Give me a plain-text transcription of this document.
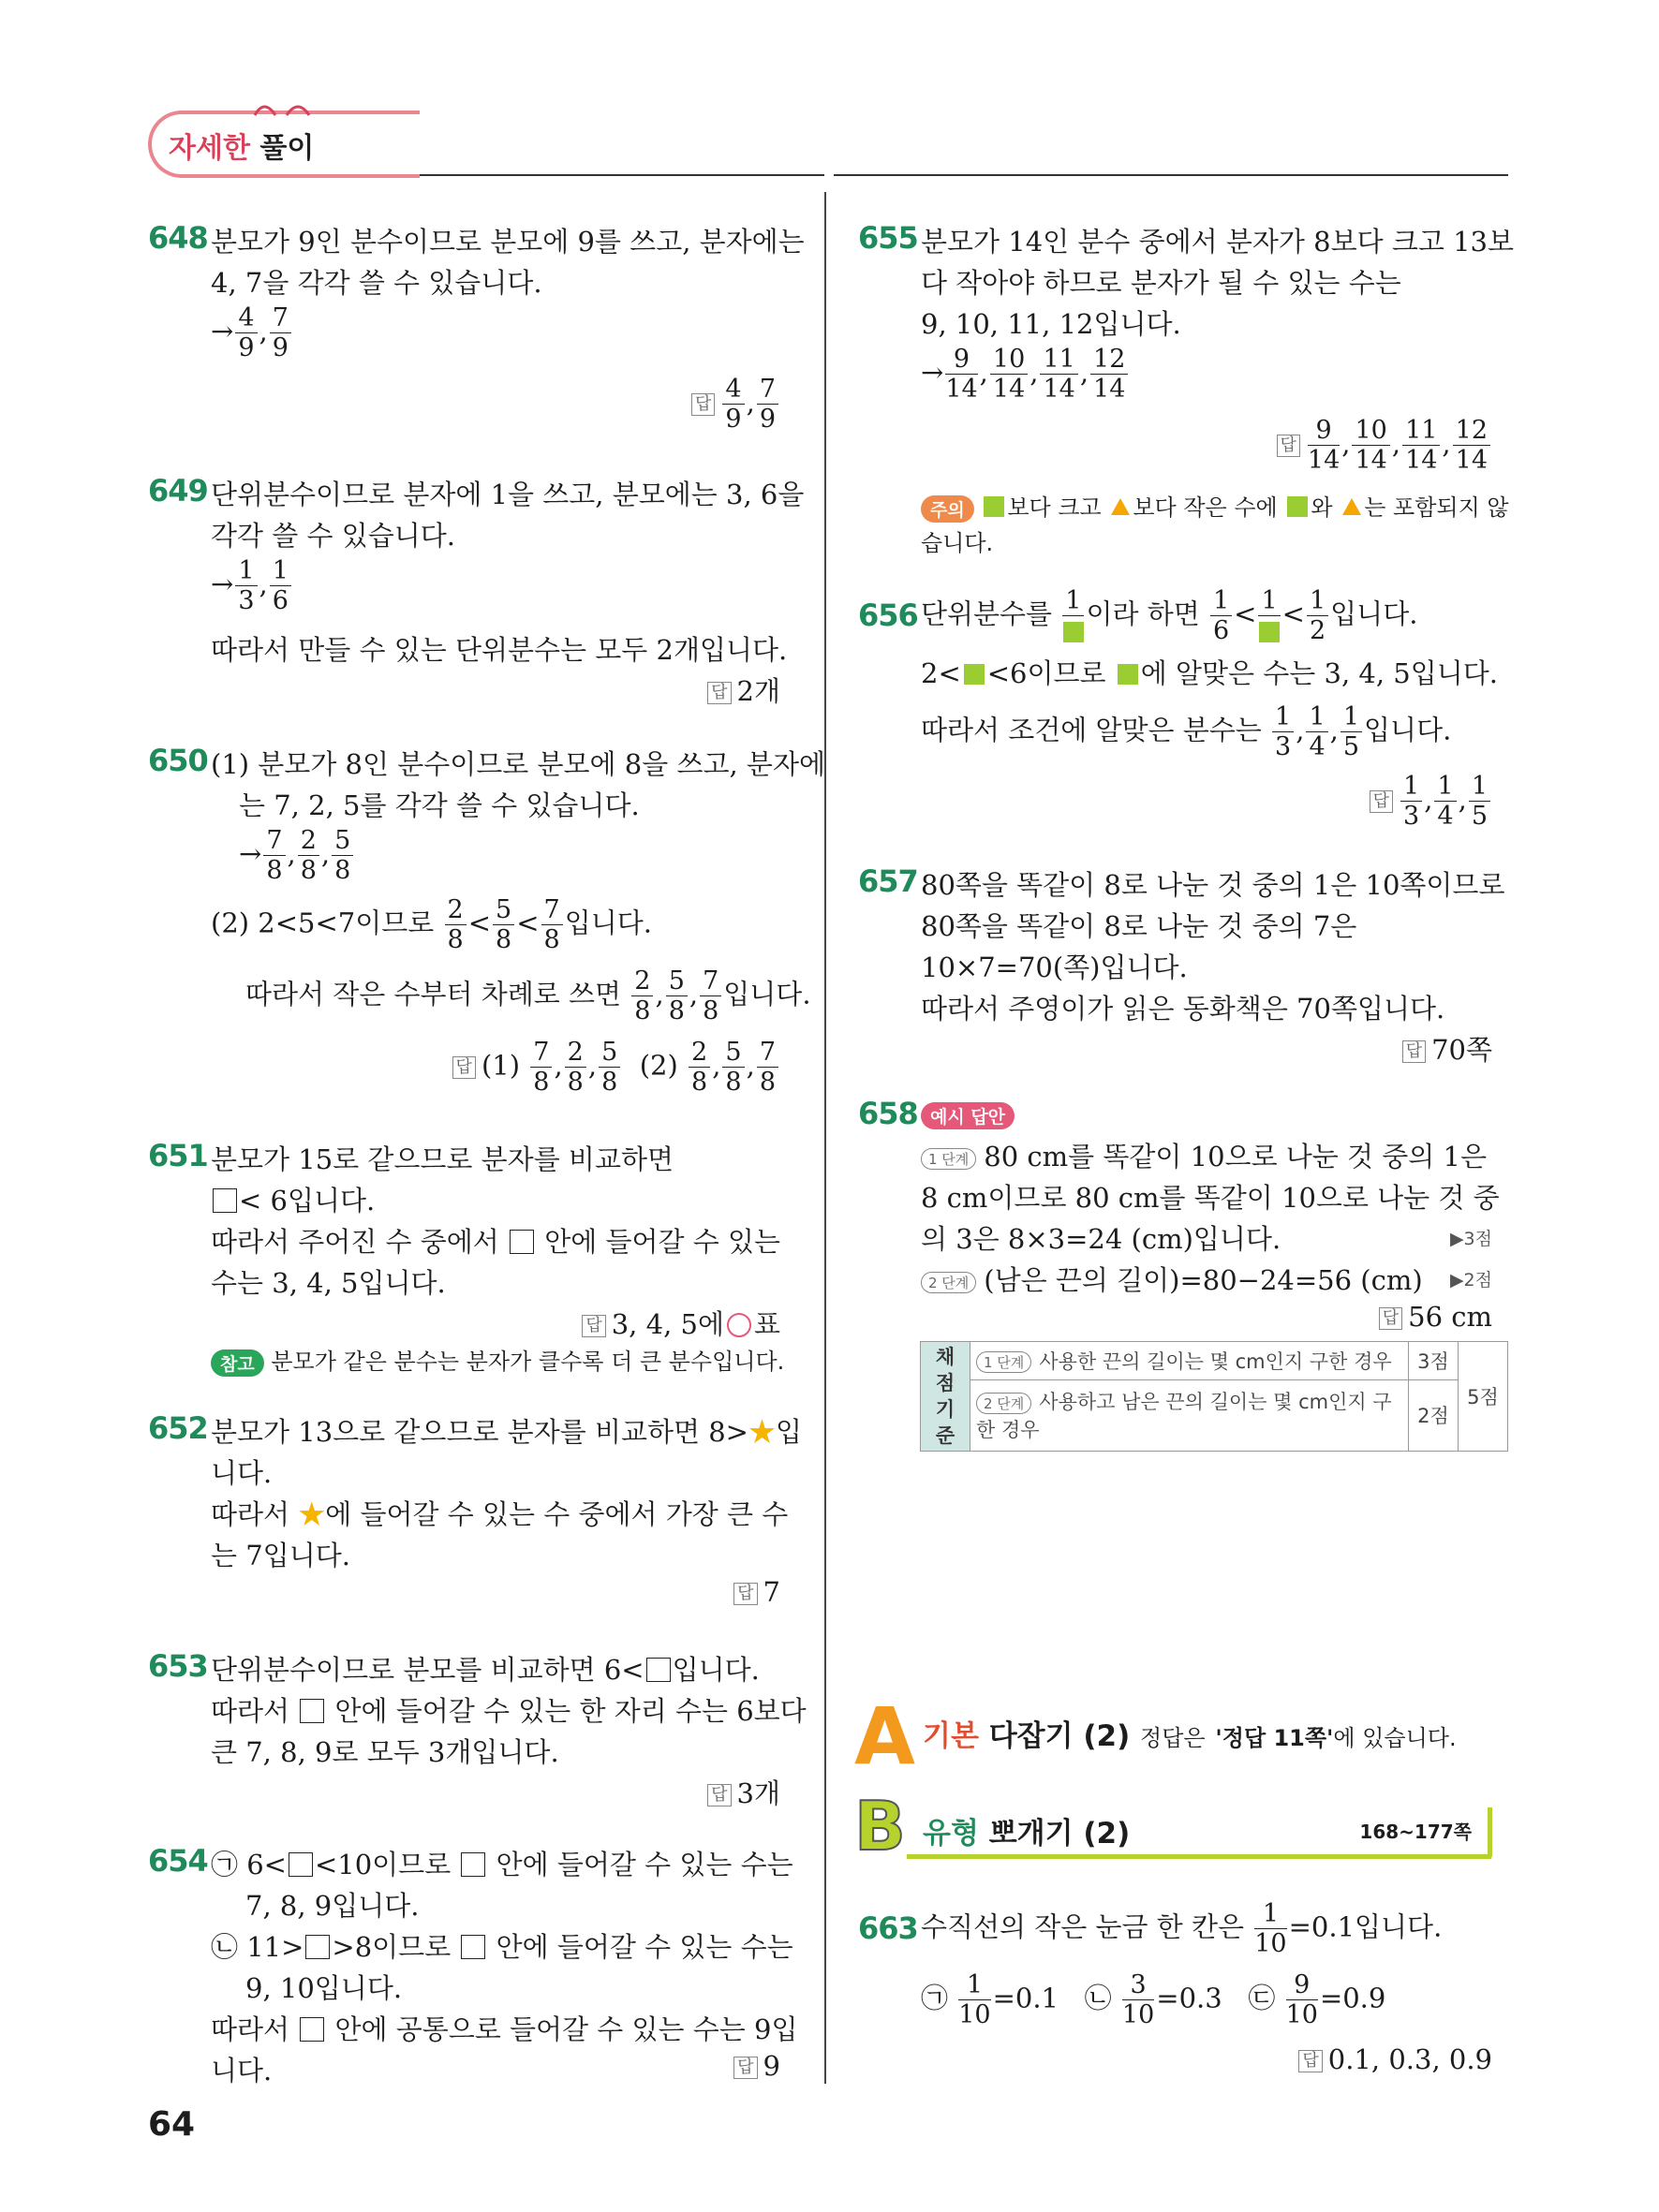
자세한 풀이
648 분모가 9인 분수이므로 분모에 9를 쓰고, 분자에는
4, 7을 각각 쓸 수 있습니다.
→ $\frac{4}{9}$ , $\frac{7}{9}$
답 $\frac{4}{9}$ , $\frac{7}{9}$
649 단위분수이므로 분자에 1을 쓰고, 분모에는 3, 6을
각각 쓸 수 있습니다.
→ $\frac{1}{3}$ , $\frac{1}{6}$
따라서 만들 수 있는 단위분수는 모두 2개입니다.
답 2개
650 (1) 분모가 8인 분수이므로 분모에 8을 쓰고, 분자에
는 7, 2, 5를 각각 쓸 수 있습니다.
→ $\frac{7}{8}$ , $\frac{2}{8}$ , $\frac{5}{8}$
(2) 2<5<7이므로 $\frac{2}{8} < \frac{5}{8} < \frac{7}{8}$ 입니다.
따라서 작은 수부터 차례로 쓰면 $\frac{2}{8}$ , $\frac{5}{8}$ , $\frac{7}{8}$ 입니다.
답 $(1) \frac{7}{8}$ , $\frac{2}{8}$ , $\frac{5}{8} (2) \frac{2}{8}$ , $\frac{5}{8}$ , $\frac{7}{8}$
651 분모가 15로 같으므로 분자를 비교하면
< 6입니다.
따라서 주어진 수 중에서 안에 들어갈 수 있는
수는 3, 4, 5입니다.
답 3, 4, 5에 표
참고 분모가 같은 분수는 분자가 클수록 더 큰 분수입니다.
652 분모가 13으로 같으므로 분자를 비교하면 8>★입
니다.
따라서 ★에 들어갈 수 있는 수 중에서 가장 큰 수
는 7입니다.
답 7
653 단위분수이므로 분모를 비교하면 6< 입니다.
따라서 안에 들어갈 수 있는 한 자리 수는 6보다
큰 7, 8, 9로 모두 3개입니다.
답 3개
654 ㉠ 6< <10이므로 안에 들어갈 수 있는 수는
7, 8, 9입니다.
㉡ 11> >8이므로 안에 들어갈 수 있는 수는
9, 10입니다.
따라서 안에 공통으로 들어갈 수 있는 수는 9입
니다.	답 9
655 분모가 14인 분수 중에서 분자가 8보다 크고 13보
다 작아야 하므로 분자가 될 수 있는 수는
9, 10, 11, 12입니다.
→ $\frac{9}{14}$ , $\frac{10}{14}$ , $\frac{11}{14}$ , $\frac{12}{14}$
답 $\frac{9}{14}$ , $\frac{10}{14}$ , $\frac{11}{14}$ , $\frac{12}{14}$
주의 보다 크고 보다 작은 수에 와 는 포함되지 않
습니다.
656 단위분수를 1 이라 하면 $\frac{1}{6} < 1 < \frac{1}{2}$ 입니다.
2< <6이므로 에 알맞은 수는 3, 4, 5입니다.
따라서 조건에 알맞은 분수는 $\frac{1}{3}$ , $\frac{1}{4}$ , $\frac{1}{5}$ 입니다.
답 $\frac{1}{3}$ , $\frac{1}{4}$ , $\frac{1}{5}$
657 80쪽을 똑같이 8로 나눈 것 중의 1은 10쪽이므로
80쪽을 똑같이 8로 나눈 것 중의 7은
10×7=70(쪽)입니다.
따라서 주영이가 읽은 동화책은 70쪽입니다.
답 70쪽
658 예시 답안
1 단계 80 cm를 똑같이 10으로 나눈 것 중의 1은
8 cm이므로 80 cm를 똑같이 10으로 나눈 것 중
의 3은 8×3=24 (cm)입니다.	▶3점
2 단계 (남은 끈의 길이)=80−24=56 (cm) ▶2점
답 56 cm
채점 기준	1 단계 사용한 끈의 길이는 몇 cm인지 구한 경우	3점	5점
	2 단계 사용하고 남은 끈의 길이는 몇 cm인지 구
한 경우	2점	
A 기본 다잡기 (2) 정답은 '정답 11쪽'에 있습니다.
B 유형 뽀개기 (2)	168~177쪽
663 수직선의 작은 눈금 한 칸은 $\frac{1}{10} =0.1$입니다.
㉠ $\frac{1}{10} =0.1$ ㉡ $\frac{3}{10} =0.3$ ㉢ $\frac{9}{10} =0.9$
답 0.1, 0.3, 0.9
64
